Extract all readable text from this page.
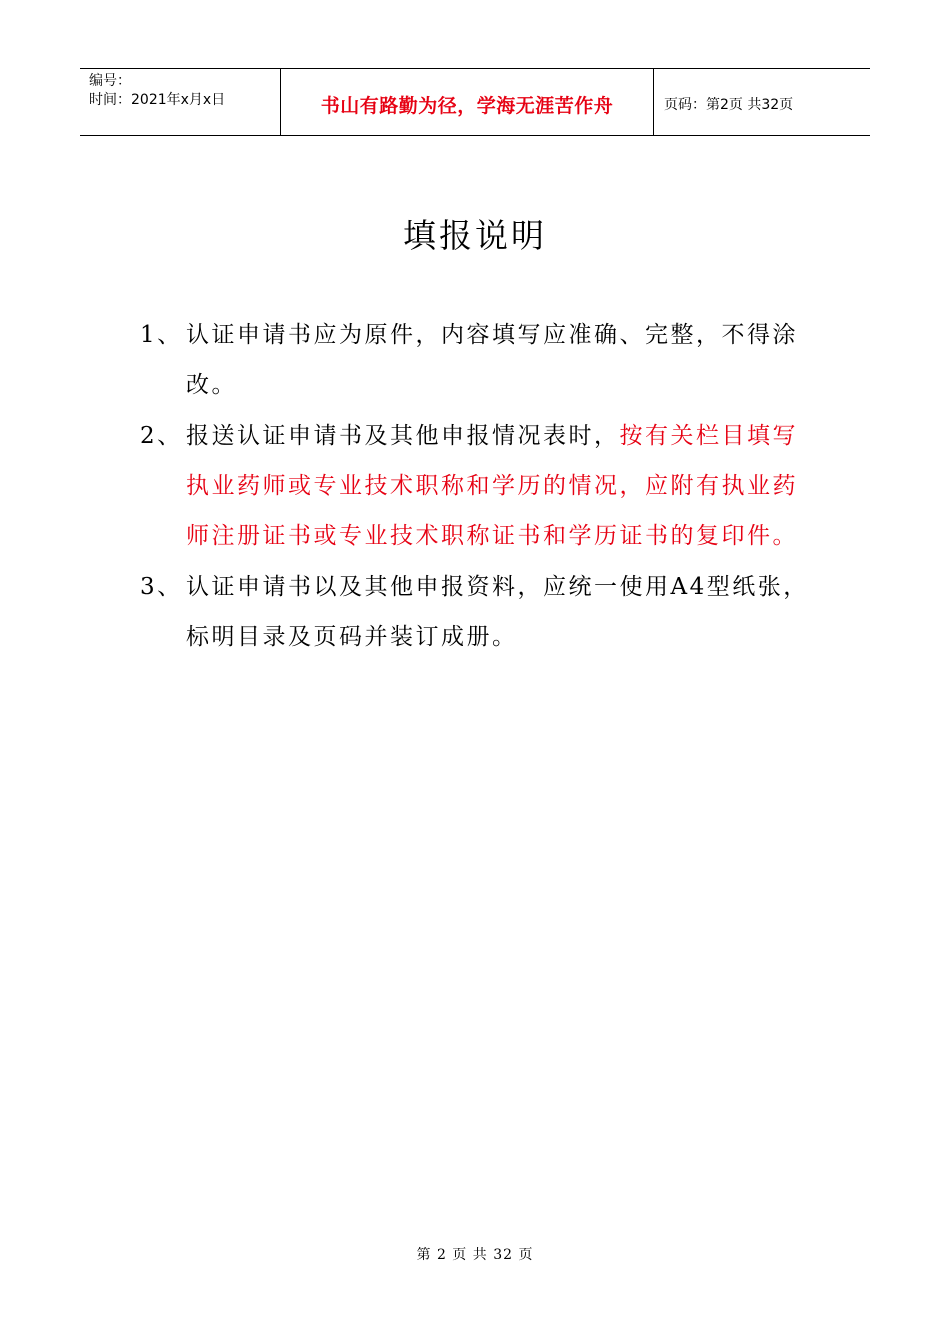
编号：
时间：2021年x月x日	书山有路勤为径，学海无涯苦作舟	页码：第2页 共32页
填报说明
1、 认证申请书应为原件，内容填写应准确、完整，不得涂改。
2、 报送认证申请书及其他申报情况表时，按有关栏目填写执业药师或专业技术职称和学历的情况，应附有执业药师注册证书或专业技术职称证书和学历证书的复印件。
3、 认证申请书以及其他申报资料，应统一使用A4型纸张，标明目录及页码并装订成册。
第 2 页 共 32 页
